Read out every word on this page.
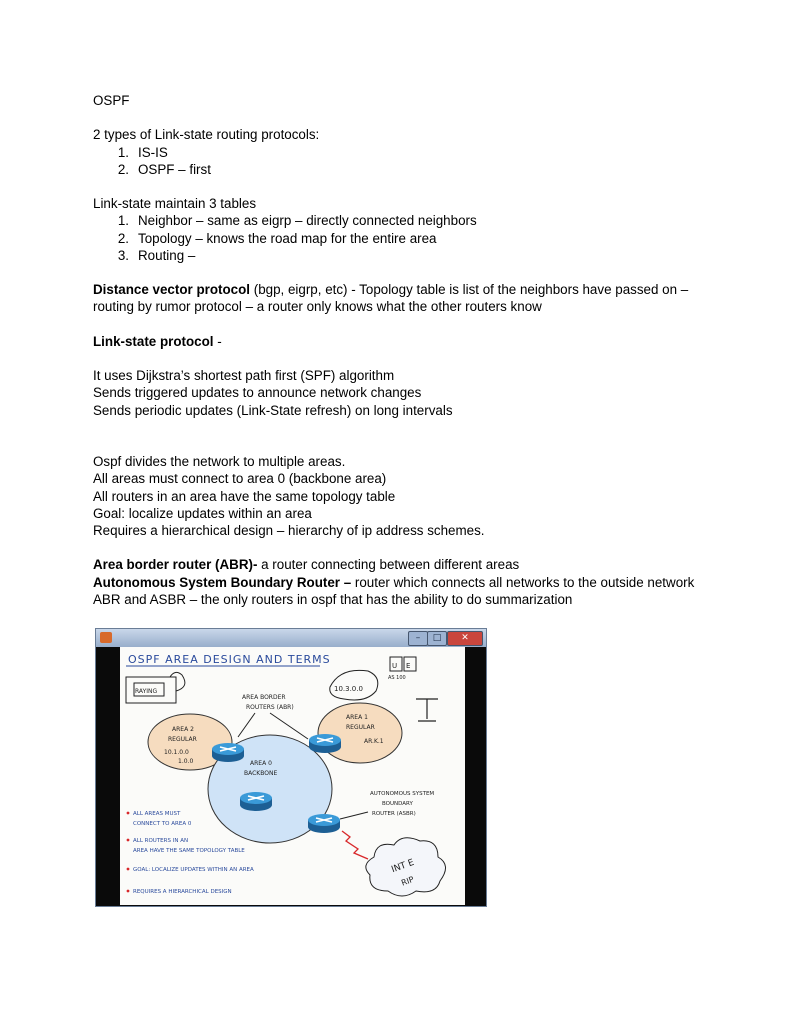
OSPF

2 types of Link-state routing protocols:

1. IS-IS
2. OSPF – first

Link-state maintain 3 tables

1. Neighbor – same as eigrp – directly connected neighbors
2. Topology – knows the road map for the entire area
3. Routing –

Distance vector protocol (bgp, eigrp, etc) - Topology table is list of the neighbors have passed on –

routing by rumor protocol – a router only knows what the other routers know

Link-state protocol -

It uses Dijkstra’s shortest path first (SPF) algorithm

Sends triggered updates to announce network changes

Sends periodic updates (Link-State refresh) on long intervals

Ospf divides the network to multiple areas.

All areas must connect to area 0 (backbone area)

All routers in an area have the same topology table

Goal: localize updates within an area

Requires a hierarchical design – hierarchy of ip address schemes.

Area border router (ABR)- a router connecting between different areas

Autonomous System Boundary Router – router which connects all networks to the outside network

ABR and ASBR – the only routers in ospf that has the ability to do summarization

–	□	✕
OSPF AREA DESIGN AND TERMS
RAYING
AREA BORDER
ROUTERS (ABR)
AREA 2
REGULAR
10.1.0.0
1.0.0
AREA 1
REGULAR
AR.K.1
AREA 0
BACKBONE
10.3.0.0
U E
AS 100
AUTONOMOUS SYSTEM
BOUNDARY
ROUTER (ASBR)
INT E
RIP
ALL AREAS MUST
CONNECT TO AREA 0
ALL ROUTERS IN AN
AREA HAVE THE SAME TOPOLOGY TABLE
GOAL: LOCALIZE UPDATES WITHIN AN AREA
REQUIRES A HIERARCHICAL DESIGN
